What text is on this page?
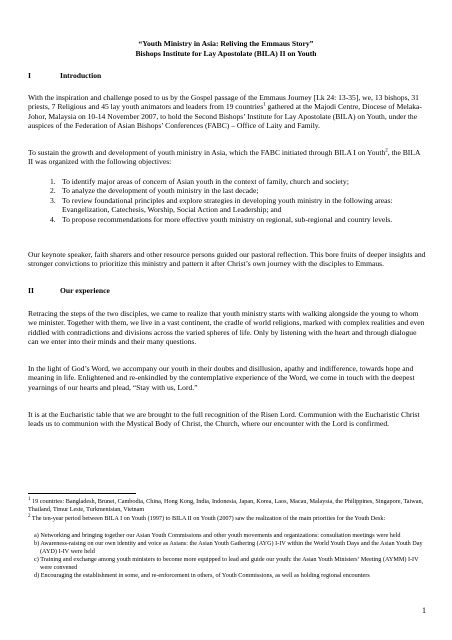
“Youth Ministry in Asia: Reliving the Emmaus Story”
Bishops Institute for Lay Apostolate (BILA) II on Youth
I	Introduction

With the inspiration and challenge posed to us by the Gospel passage of the Emmaus Journey [Lk 24: 13-35], we, 13 bishops, 31 priests, 7 Religious and 45 lay youth animators and leaders from 19 countries$^1$ gathered at the Majodi Centre, Diocese of Melaka-Johor, Malaysia on 10-14 November 2007, to hold the Second Bishops’ Institute for Lay Apostolate (BILA) on Youth, under the auspices of the Federation of Asian Bishops’ Conferences (FABC) – Office of Laity and Family.

To sustain the growth and development of youth ministry in Asia, which the FABC initiated through BILA I on Youth$^2$, the BILA II was organized with the following objectives:

1. To identify major areas of concern of Asian youth in the context of family, church and society;
2. To analyze the development of youth ministry in the last decade;
3. To review foundational principles and explore strategies in developing youth ministry in the following areas: Evangelization, Catechesis, Worship, Social Action and Leadership; and
4. To propose recommendations for more effective youth ministry on regional, sub-regional and country levels.

Our keynote speaker, faith sharers and other resource persons guided our pastoral reflection. This bore fruits of deeper insights and stronger convictions to prioritize this ministry and pattern it after Christ’s own journey with the disciples to Emmaus.

II	Our experience

Retracing the steps of the two disciples, we came to realize that youth ministry starts with walking alongside the young to whom we minister. Together with them, we live in a vast continent, the cradle of world religions, marked with complex realities and even riddled with contradictions and divisions across the varied spheres of life. Only by listening with the heart and through dialogue can we enter into their minds and their many questions.

In the light of God’s Word, we accompany our youth in their doubts and disillusion, apathy and indifference, towards hope and meaning in life. Enlightened and re-enkindled by the contemplative experience of the Word, we come in touch with the deepest yearnings of our hearts and plead, “Stay with us, Lord.”

It is at the Eucharistic table that we are brought to the full recognition of the Risen Lord. Communion with the Eucharistic Christ leads us to communion with the Mystical Body of Christ, the Church, where our encounter with the Lord is confirmed.

$^1$ 19 countries: Bangladesh, Brunei, Cambodia, China, Hong Kong, India, Indonesia, Japan, Korea, Laos, Macau, Malaysia, the Philippines, Singapore, Taiwan, Thailand, Timur Leste, Turkmenistan, Vietnam

$^2$ The ten-year period between BILA I on Youth (1997) to BILA II on Youth (2007) saw the realization of the main priorities for the Youth Desk:

a) Networking and bringing together our Asian Youth Commissions and other youth movements and organizations: consultation meetings were held
b) Awareness-raising on our own identity and voice as Asians: the Asian Youth Gathering (AYG) I-IV within the World Youth Days and the Asian Youth Day (AYD) I-IV were held
c) Training and exchange among youth ministers to become more equipped to lead and guide our youth: the Asian Youth Ministers’ Meeting (AYMM) I-IV were convened
d) Encouraging the establishment in some, and re-enforcement in others, of Youth Commissions, as well as holding regional encounters
1
